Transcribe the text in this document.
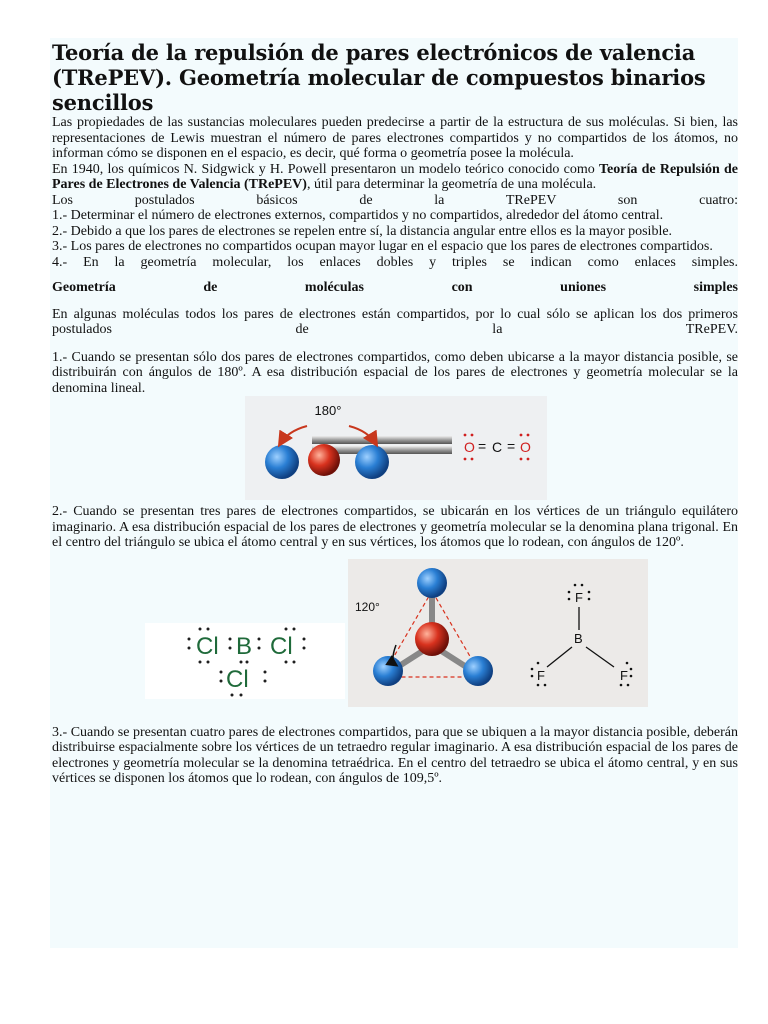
Teoría de la repulsión de pares electrónicos de valencia (TRePEV). Geometría molecular de compuestos binarios sencillos

Las propiedades de las sustancias moleculares pueden predecirse a partir de la estructura de sus moléculas. Si bien, las representaciones de Lewis muestran el número de pares electrones compartidos y no compartidos de los átomos, no informan cómo se disponen en el espacio, es decir, qué forma o geometría posee la molécula.

En 1940, los químicos N. Sidgwick y H. Powell presentaron un modelo teórico conocido como Teoría de Repulsión de Pares de Electrones de Valencia (TRePEV), útil para determinar la geometría de una molécula.

Los postulados básicos de la TRePEV son cuatro:

1.- Determinar el número de electrones externos, compartidos y no compartidos, alrededor del átomo central.

2.- Debido a que los pares de electrones se repelen entre sí, la distancia angular entre ellos es la mayor posible.

3.- Los pares de electrones no compartidos ocupan mayor lugar en el espacio que los pares de electrones compartidos.

4.- En la geometría molecular, los enlaces dobles y triples se indican como enlaces simples.

Geometría de moléculas con uniones simples

En algunas moléculas todos los pares de electrones están compartidos, por lo cual sólo se aplican los dos primeros postulados de la TRePEV.

1.- Cuando se presentan sólo dos pares de electrones compartidos, como deben ubicarse a la mayor distancia posible, se distribuirán con ángulos de 180º. A esa distribución espacial de los pares de electrones y geometría molecular se la denomina lineal.

180°
O = C = O

2.- Cuando se presentan tres pares de electrones compartidos, se ubicarán en los vértices de un triángulo equilátero imaginario. A esa distribución espacial de los pares de electrones y geometría molecular se la denomina plana trigonal. En el centro del triángulo se ubica el átomo central y en sus vértices, los átomos que lo rodean, con ángulos de 120º.

Cl B Cl
Cl
120°
F
B
F	F

3.- Cuando se presentan cuatro pares de electrones compartidos, para que se ubiquen a la mayor distancia posible, deberán distribuirse espacialmente sobre los vértices de un tetraedro regular imaginario. A esa distribución espacial de los pares de electrones y geometría molecular se la denomina tetraédrica. En el centro del tetraedro se ubica el átomo central, y en sus vértices se disponen los átomos que lo rodean, con ángulos de 109,5º.
